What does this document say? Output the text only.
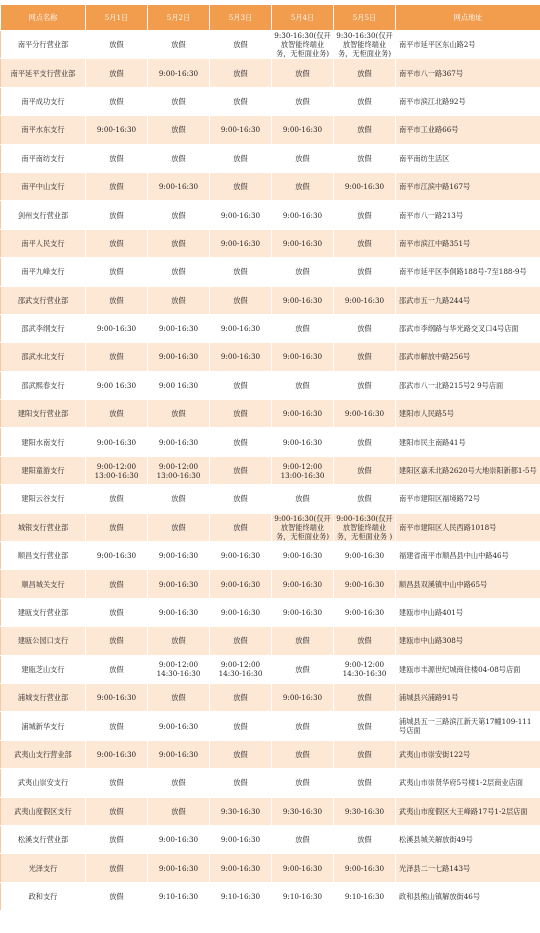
网点名称	5月1日	5月2日	5月3日	5月4日	5月5日	网点地址

南平分行营业部	放假	放假	放假	9:30-16:30(仅开放智能终端业务，无柜面业务)	9:30-16:30(仅开放智能终端业务，无柜面业务)	南平市延平区东山路2号

南平延平支行营业部	放假	9:00-16:30	放假	放假	放假	南平市八一路367号

南平成功支行	放假	放假	放假	放假	放假	南平市滨江北路92号

南平水东支行	9:00-16:30	放假	9:00-16:30	9:00-16:30	放假	南平市工业路66号

南平南纺支行	放假	放假	放假	放假	放假	南平南纺生活区

南平中山支行	放假	9:00-16:30	放假	放假	9:00-16:30	南平市江滨中路167号

剑州支行营业部	放假	放假	9:00-16:30	9:00-16:30	放假	南平市八一路213号

南平人民支行	放假	放假	9:00-16:30	9:00-16:30	放假	南平市滨江中路351号

南平九峰支行	放假	放假	放假	放假	放假	南平市延平区李侗路188号-7至188-9号

邵武支行营业部	放假	放假	放假	9:00-16:30	9:00-16:30	邵武市五一九路244号

邵武李纲支行	9:00-16:30	9:00-16:30	9:00-16:30	放假	放假	邵武市李纲路与华光路交叉口4号店面

邵武水北支行	放假	9:00-16:30	9:00-16:30	9:00-16:30	放假	邵武市解放中路256号

邵武熙春支行	9:00 16:30	9:00 16:30	放假	放假	放假	邵武市八一北路215号2 9号店面

建阳支行营业部	放假	放假	放假	9:00-16:30	9:00-16:30	建阳市人民路5号

建阳水南支行	9:00-16:30	9:00-16:30	放假	9:00-16:30	放假	建阳市民主南路41号

建阳童游支行	9:00-12:00
13:00-16:30	9:00-12:00
13:00-16:30	放假	9:00-12:00
13:00-16:30	放假	建阳区嘉禾北路2620号大地崇阳新都1-5号

建阳云谷支行	放假	放假	放假	放假	放假	南平市建阳区福境路72号

城银支行营业部	放假	放假	放假	9:00-16:30(仅开放智能终端业务，无柜面业务)	9:00-16:30(仅开放智能终端业务，无柜面业务 )	南平市建阳区人民西路1018号

顺昌支行营业部	9:00-16:30	9:00-16:30	9:00-16:30	9:00-16:30	9:00-16:30	福建省南平市顺昌县中山中路46号

顺昌城关支行	放假	9:00-16:30	9:00-16:30	9:00-16:30	9:00-16:30	顺昌县双溪镇中山中路65号

建瓯支行营业部	放假	9:00-16:30	9:00-16:30	9:00-16:30	9:00-16:30	建瓯市中山路401号

建瓯公园口支行	放假	放假	放假	放假	放假	建瓯市中山路308号

建瓯芝山支行	放假	9:00-12:00
14:30-16:30	9:00-12:00
14:30-16:30	放假	9:00-12:00
14:30-16:30	建瓯市丰源世纪城商住楼04-08号店面

浦城支行营业部	9:00-16:30	放假	放假	9:00-16:30	放假	浦城县兴浦路91号

浦城新华支行	放假	9:00-16:30	放假	放假	放假	浦城县五一三路滨江新天第17幢109-111号店面

武夷山支行营业部	9:00-16:30	9:00-16:30	放假	放假	放假	武夷山市崇安街122号

武夷山崇安支行	放假	放假	放假	放假	放假	武夷山市崇贤华府5号楼1-2层商业店面

武夷山度假区支行	放假	放假	9:30-16:30	9:30-16:30	9:30-16:30	武夷山市度假区大王峰路17号1-2层店面

松溪支行营业部	放假	9:00-16:30	9:00-16:30	放假	放假	松溪县城关解放街49号

光泽支行	放假	9:00-16:30	9:00-16:30	9:00-16:30	9:00-16:30	光泽县二一七路143号

政和支行	放假	9:10-16:30	9:10-16:30	9:10-16:30	9:10-16:30	政和县熊山镇解放街46号
